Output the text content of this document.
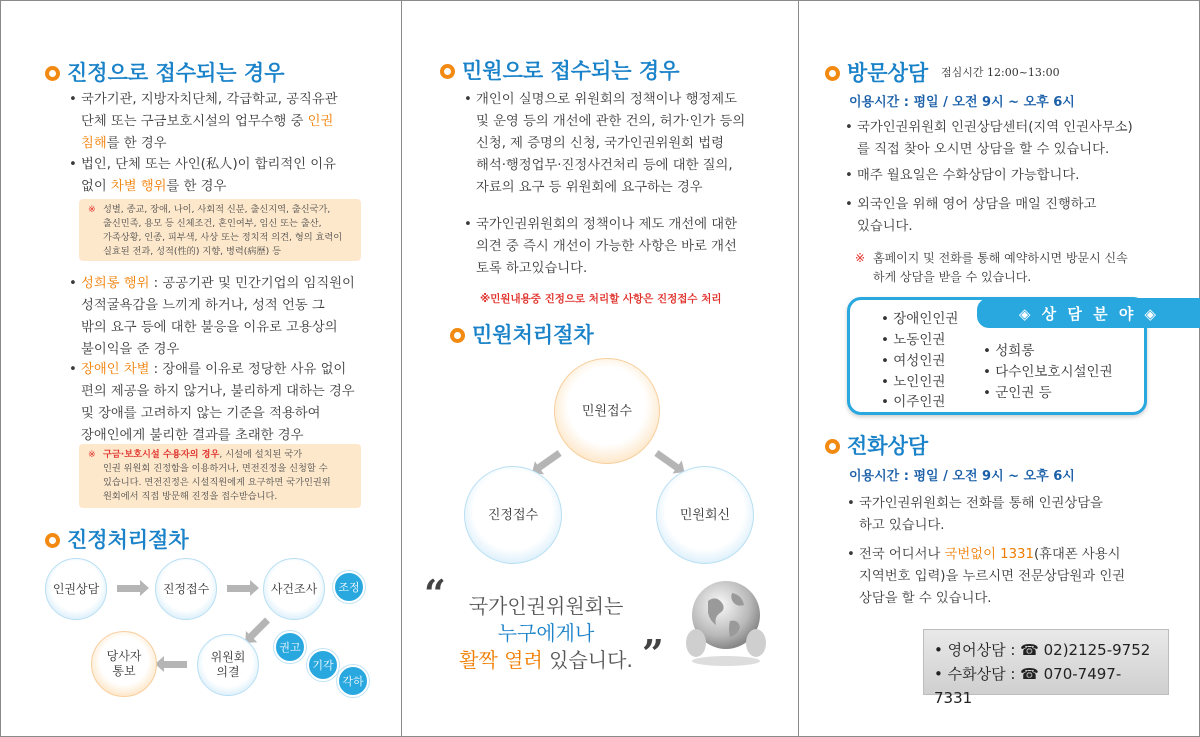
진정으로 접수되는 경우
• 국가기관, 지방자치단체, 각급학교, 공직유관
단체 또는 구금보호시설의 업무수행 중 인권
침해를 한 경우
• 법인, 단체 또는 사인(私人)이 합리적인 이유
없이 차별 행위를 한 경우
※ 성별, 종교, 장애, 나이, 사회적 신분, 출신지역, 출신국가,
출신민족, 용모 등 신체조건, 혼인여부, 임신 또는 출산,
가족상황, 인종, 피부색, 사상 또는 정치적 의견, 형의 효력이
실효된 전과, 성적(性的) 지향, 병력(病歷) 등
• 성희롱 행위 : 공공기관 및 민간기업의 임직원이
성적굴욕감을 느끼게 하거나, 성적 언동 그
밖의 요구 등에 대한 불응을 이유로 고용상의
불이익을 준 경우
• 장애인 차별 : 장애를 이유로 정당한 사유 없이
편의 제공을 하지 않거나, 불리하게 대하는 경우
및 장애를 고려하지 않는 기준을 적용하여
장애인에게 불리한 결과를 초래한 경우
※ 구금·보호시설 수용자의 경우, 시설에 설치된 국가
인권 위원회 진정함을 이용하거나, 면전진정을 신청할 수
있습니다. 면전진정은 시설직원에게 요구하면 국가인권위
원회에서 직접 방문해 진정을 접수받습니다.
진정처리절차
인권상담	진정접수	사건조사 조정
위원회
의결
권고
기각
각하
당사자
통보
민원으로 접수되는 경우
• 개인이 실명으로 위원회의 정책이나 행정제도
및 운영 등의 개선에 관한 건의, 허가·인가 등의
신청, 제 증명의 신청, 국가인권위원회 법령
해석·행정업무·진정사건처리 등에 대한 질의,
자료의 요구 등 위원회에 요구하는 경우
• 국가인권위원회의 정책이나 제도 개선에 대한
의견 중 즉시 개선이 가능한 사항은 바로 개선
토록 하고있습니다.
※민원내용중 진정으로 처리할 사항은 진정접수 처리
민원처리절차
민원접수
진정접수	민원회신
“	국가인권위원회는
누구에게나
활짝 열려 있습니다. ”
방문상담 점심시간 12:00~13:00
이용시간 : 평일 / 오전 9시 ~ 오후 6시
• 국가인권위원회 인권상담센터(지역 인권사무소)
를 직접 찾아 오시면 상담을 할 수 있습니다.
• 매주 월요일은 수화상담이 가능합니다.
• 외국인을 위해 영어 상담을 매일 진행하고
있습니다.
※ 홈페이지 및 전화를 통해 예약하시면 방문시 신속
하게 상담을 받을 수 있습니다.
◈ 상 담 분 야 ◈
• 장애인인권
• 노동인권
• 여성인권
• 노인인권
• 이주인권
• 성희롱
• 다수인보호시설인권
• 군인권 등
전화상담
이용시간 : 평일 / 오전 9시 ~ 오후 6시
• 국가인권위원회는 전화를 통해 인권상담을
하고 있습니다.
• 전국 어디서나 국번없이 1331(휴대폰 사용시
지역번호 입력)을 누르시면 전문상담원과 인권
상담을 할 수 있습니다.
• 영어상담 : ☎ 02)2125-9752
• 수화상담 : ☎ 070-7497-7331
